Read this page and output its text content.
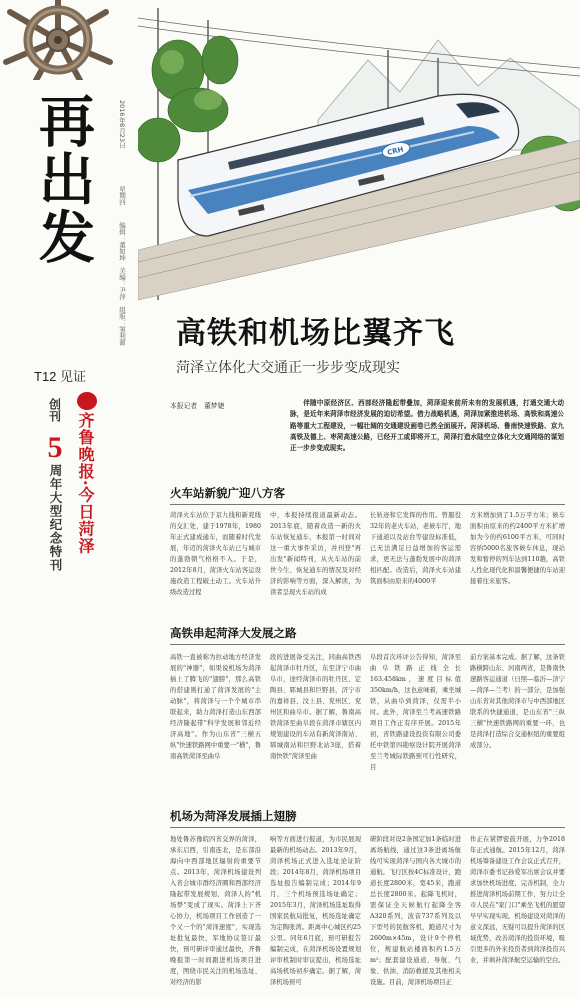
再出发
T12 见证
齐鲁晚报·今日菏泽
创刊
5
周年大型纪念特刊
2016年8月23日
星期四
编辑：董如坤　美编：尹萍　组版：窦利源
CRH
高铁和机场比翼齐飞
菏泽立体化大交通正一步步变成现实
本报记者　董梦婕	伴随中原经济区、西部经济隆起带叠加，菏泽迎来前所未有的发展机遇，打通交通大动脉，是近年来菏泽市经济发展的迫切希望。借力战略机遇，菏泽加紧推进机场、高铁和高速公路等重大工程建设，一幅壮阔的交通建设画卷已然全面展开。菏泽机场、鲁南快速铁路、京九高铁及德上、枣菏高速公路，已经开工或即将开工，菏泽打造水陆空立体化大交通网络的谋划正一步步变成现实。
火车站新貌广迎八方客
菏泽火车站位于京九线和新兖线的交汇处，建于1978年，1980年正式建成通车，而随着时代发展，年迈的菏泽火车站已与城市的蓬勃朝气格格不入。于是，2012年8月，菏泽火车站客运设施改造工程破土动工。火车站升级改造过程
中，本报持续报道最新动态。2013年底，随着改造一新的火车站恢复通车，本报第一时间对这一重大事件采访，并刊登"再出发"新闻特刊，从火车站的前世今生、恢复通车的情况及对经济的影响等方面，深入解读，为读者呈现火车站的成
长轨迹和它发挥的作用。曾服役32年的老火车站，老候车厅，地下通道以及站台等建设标准低，已无法满足日益增加的客运需求，更无法与蓬勃发展中的菏泽相匹配。改造后，菏泽火车站建筑面积由原来的4000平
方米增加到了1.5万平方米；候车面积由原来的约2400平方米扩增加为今的约6100平方米，可同时容纳5000名旅客候车休息，现站发和暂停的列车达到110趟，高铁人性化现代化和温馨便捷的车站迎接着往来旅客。
高铁串起菏泽大发展之路
高铁一直被称为拉动地方经济发展的"神器"，如果说机场为菏泽插上了腾飞的"翅膀"，那么高铁的搭建则打通了菏泽发展的"主动脉"，将菏泽与一个个城市串联起来，助力菏泽打造山东西部经济隆起带"科学发展和邻近经济高地"。作为山东省"三横五纵"快速铁路网中重要一"横"，鲁南高铁菏泽至曲阜
段的进展备受关注，同曲高铁西起菏泽市牡丹区，东至济宁市曲阜市，途经菏泽市的牡丹区、定陶县、郓城县和巨野县，济宁市的嘉祥县、汶上县、兖州区、兖州区和曲阜市。据了解，鲁南高铁菏泽至曲阜段在菏泽市辖区内规划建设的车站有新菏泽南站、郓城南站和巨野北站3座，搭着南快铁"菏泽至曲
阜段首次环评公告得知，菏泽至曲阜铁路正线全长163.458km，速度目标值350km/h，这也意味着，乘坐城铁，从曲阜到菏泽，仅需半小时。此外，菏泽至兰考高速铁路项目工作正有序开展。2015年初，省铁路建设投资有限公司委托中铁第四勘察设计院开展菏泽至兰考城际铁路预可行性研究，目
前方案基本完成。据了解，这条铁路横跨山东、河南两省，是鲁南快速路客运通道（日照—临沂—济宁—菏泽—兰考）的一部分，是加强山东省对其他菏泽市与中西部地区联系的快捷通道，是山东省"三纵三横"快速铁路网的重要一环，也是菏泽打造综合交通枢纽的重要组成部分。
机场为菏泽发展插上翅膀
地处鲁苏豫皖四省交界的菏泽，承东启西，引南连北，是东部沿海向中西部地区辐射的重要节点。2013年，菏泽机场建设列入省会城市群经济圈和西部经济隆起带发展规划，菏泽人的"机场梦"变成了现实。菏泽上下齐心协力，机场项目工作创造了一个又一个的"菏泽速度"，实现选址批复最快，军地协议签订最快，预可研评审通过最快，齐鲁晚报第一时间跟进机场项目进度，图绕市民关注的机场选址、对经济的影
响等方面进行报道，为市民展现最新的机场动态。2013年9月，菏泽机场正式进入选址论证阶段；2014年8月，菏泽机场项目选址报告编制完成；2014年9月，三个机场预选场址确定；2015年3月，菏泽机场选址取得国家民航局批复，机场选址确定为定陶张湾。距离中心城区约25公里。同年6月底，预可研报告编制完成，在菏泽机场设置规划评审机制时审议提出，机场选址高场机场初步确定。据了解，菏泽机场预可
研阶段对设2条国定加1条临时进离场航线，通过这3条进离场航线可实现菏泽与国内各大城市的通航。飞行区按4C标准设计，跑道长度2800米，宽45米，跑道总长度2800米。起降飞机时，需保证全天候航行起降全客A320系列，波音737系列及以下型号的民航客机，跑道尺寸为2600m×45m，设计9个停机位，规建航站楼面积约1.5万m²；配套建设通道、导航、气象、供油、消防救援及其他相关设施。目前，菏泽机场项目正
作正在紧锣密鼓开展，力争2018年正式通航。2015年12月，菏泽机场筹备建设工作会议正式召开，菏泽市委书记孙爱军出席会议并要求加快机场进度，完善机制，全力推进菏泽机场前期工作，努力让全市人民在"家门口"乘坐飞机的愿望早早实现实现。机场建设对菏泽的意义深远，无疑可以提升菏泽的区域优势，改善菏泽的投资环境，吸引更多的外来投资者到菏泽投资兴业，并填补菏泽航空运输的空白。
